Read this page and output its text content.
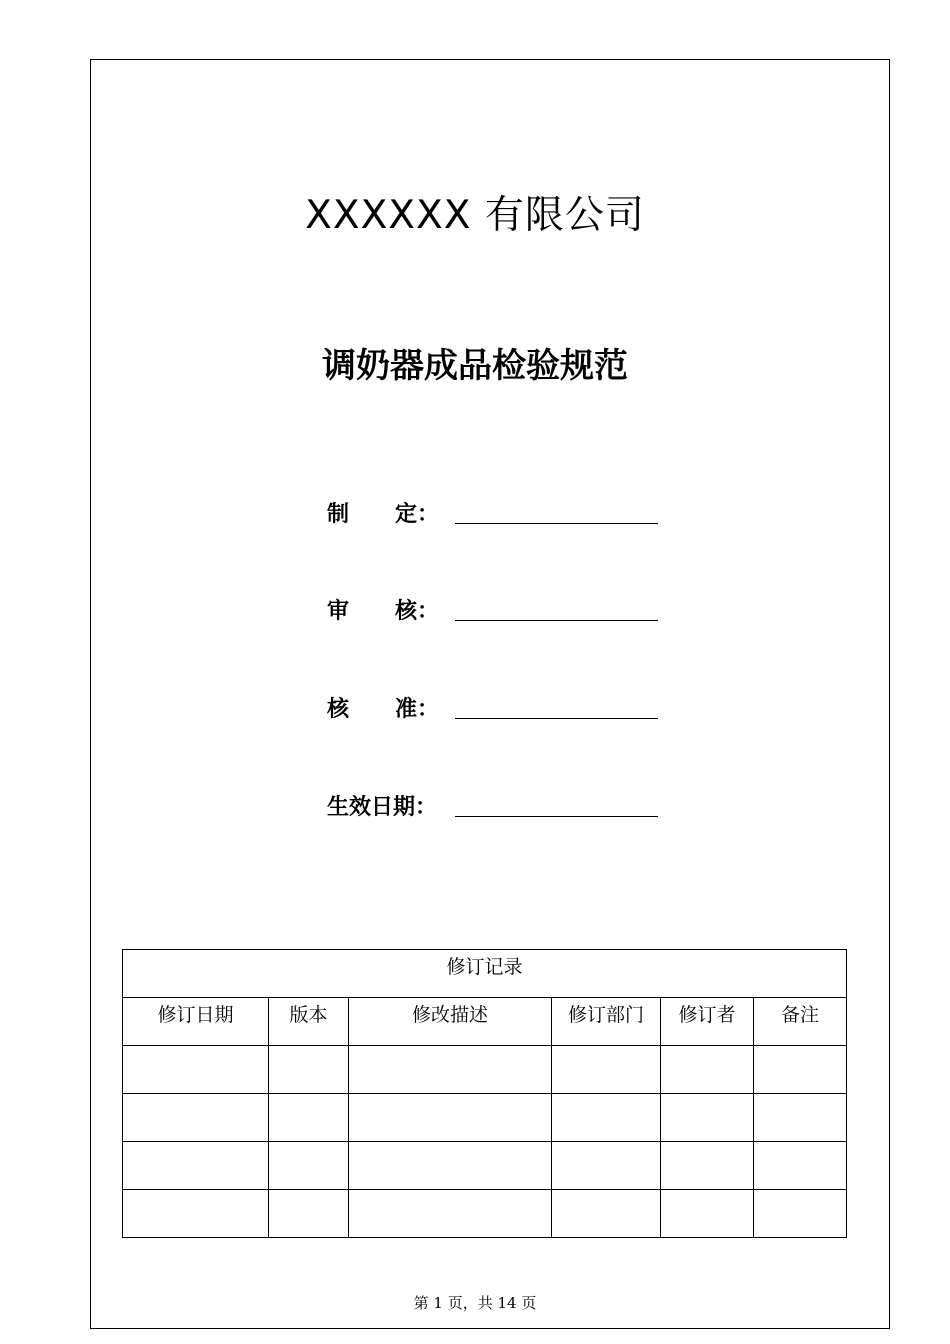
XXXXXX 有限公司
调奶器成品检验规范
制      定：
审      核：
核      准：
生效日期：
修订记录					

修订日期	版本	修改描述	修订部门	修订者	备注

第 1 页，共 14 页
